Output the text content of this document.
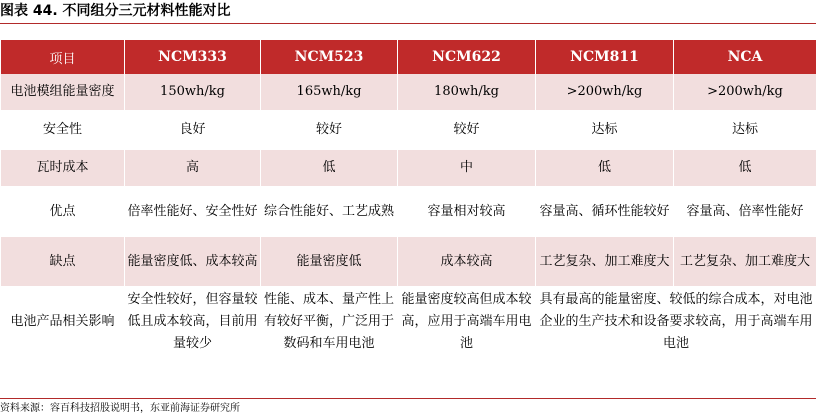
图表 44. 不同组分三元材料性能对比
项目	NCM333	NCM523	NCM622	NCM811	NCA
电池模组能量密度	150wh/kg	165wh/kg	180wh/kg	>200wh/kg	>200wh/kg
安全性	良好	较好	较好	达标	达标
瓦时成本	高	低	中	低	低
优点	倍率性能好、安全性好	综合性能好、工艺成熟	容量相对较高	容量高、循环性能较好	容量高、倍率性能好
缺点	能量密度低、成本较高	能量密度低	成本较高	工艺复杂、加工难度大	工艺复杂、加工难度大
电池产品相关影响	安全性较好，但容量较低且成本较高，目前用量较少	性能、成本、量产性上有较好平衡，广泛用于数码和车用电池	能量密度较高但成本较高，应用于高端车用电池	具有最高的能量密度、较低的综合成本，对电池企业的生产技术和设备要求较高，用于高端车用电池	
资料来源：容百科技招股说明书，东亚前海证券研究所
